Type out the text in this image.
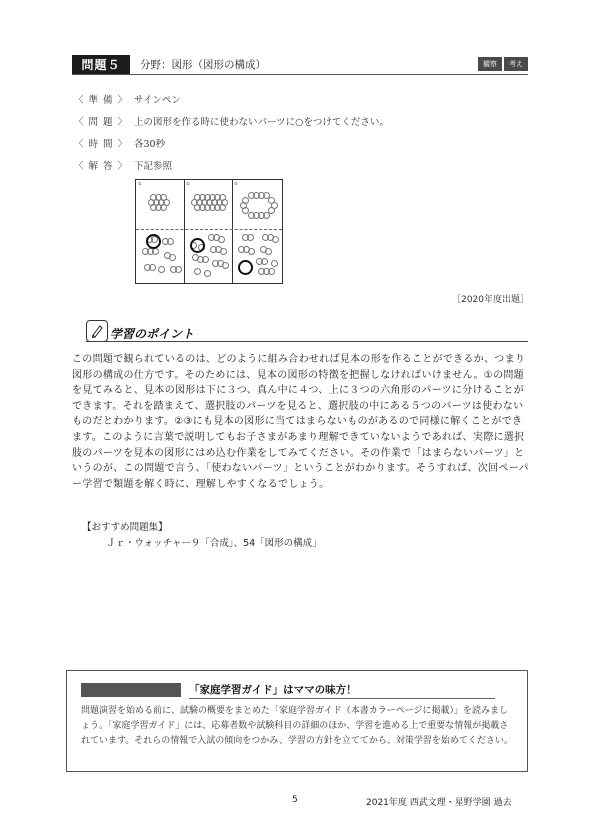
問題５	分野：図形（図形の構成）	観察	考え
〈 準 備 〉 サインペン
〈 問 題 〉 上の図形を作る時に使わないパーツに○をつけてください。
〈 時 間 〉 各30秒
〈 解 答 〉 下記参照
①	②	③
［2020年度出題］
学習のポイント
この問題で観られているのは、どのように組み合わせれば見本の形を作ることができるか、つまり図形の構成の仕方です。そのためには、見本の図形の特徴を把握しなければいけません。①の問題を見てみると、見本の図形は下に３つ、真ん中に４つ、上に３つの六角形のパーツに分けることができます。それを踏まえて、選択肢のパーツを見ると、選択肢の中にある５つのパーツは使わないものだとわかります。②③にも見本の図形に当てはまらないものがあるので同様に解くことができます。このように言葉で説明してもお子さまがあまり理解できていないようであれば、実際に選択肢のパーツを見本の図形にはめ込む作業をしてみてください。その作業で「はまらないパーツ」というのが、この問題で言う、「使わないパーツ」ということがわかります。そうすれば、次回ペーパー学習で類題を解く時に、理解しやすくなるでしょう。
【おすすめ問題集】
Ｊｒ・ウォッチャー９「合成」、54「図形の構成」
「家庭学習ガイド」はママの味方！
問題演習を始める前に、試験の概要をまとめた「家庭学習ガイド（本書カラーページに掲載）」を読みましょう。「家庭学習ガイド」には、応募者数や試験科目の詳細のほか、学習を進める上で重要な情報が掲載されています。それらの情報で入試の傾向をつかみ、学習の方針を立ててから、対策学習を始めてください。
5	2021年度 西武文理・星野学園 過去
